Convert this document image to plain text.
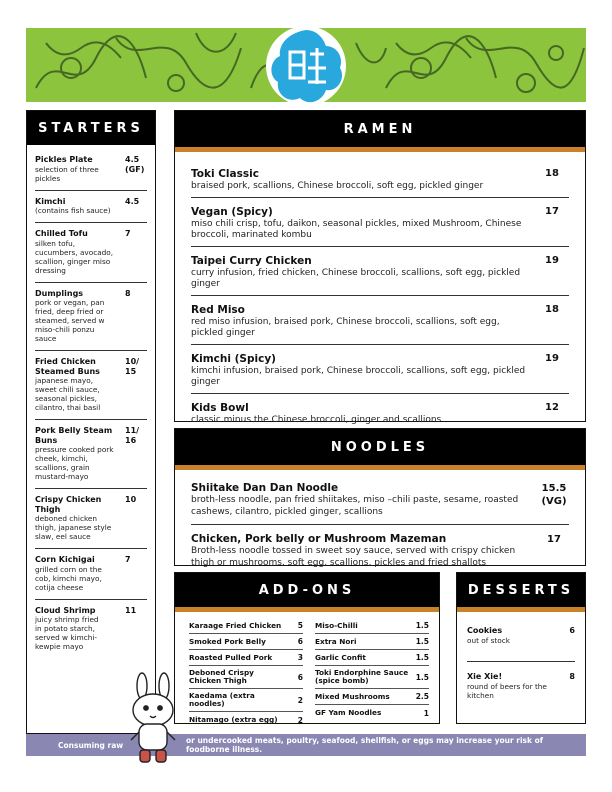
STARTERS
Pickles Plate
selection of three pickles
4.5 (GF)
Kimchi
(contains fish sauce)
4.5
Chilled Tofu
silken tofu, cucumbers, avocado, scallion, ginger miso dressing
7
Dumplings
pork or vegan, pan fried, deep fried or steamed, served w miso-chili ponzu sauce
8
Fried Chicken Steamed Buns
japanese mayo, sweet chili sauce, seasonal pickles, cilantro, thai basil
10/ 15
Pork Belly Steam Buns
pressure cooked pork cheek, kimchi, scallions, grain mustard-mayo
11/ 16
Crispy Chicken Thigh
deboned chicken thigh, japanese style slaw, eel sauce
10
Corn Kichigai
grilled corn on the cob, kimchi mayo, cotija cheese
7
Cloud Shrimp
juicy shrimp fried in potato starch, served w kimchi-kewpie mayo
11
RAMEN
Toki Classic
braised pork, scallions, Chinese broccoli, soft egg, pickled ginger
18
Vegan (Spicy)
miso chili crisp, tofu, daikon, seasonal pickles, mixed Mushroom, Chinese broccoli, marinated kombu
17
Taipei Curry Chicken
curry infusion, fried chicken, Chinese broccoli, scallions, soft egg, pickled ginger
19
Red Miso
red miso infusion, braised pork, Chinese broccoli, scallions, soft egg, pickled ginger
18
Kimchi (Spicy)
kimchi infusion, braised pork, Chinese broccoli, scallions, soft egg, pickled ginger
19
Kids Bowl
classic minus the Chinese broccoli, ginger and scallions
12
NOODLES
Shiitake Dan Dan Noodle
broth-less noodle, pan fried shiitakes, miso –chili paste, sesame, roasted cashews, cilantro, pickled ginger, scallions
15.5 (VG)
Chicken, Pork belly or Mushroom Mazeman
Broth-less noodle tossed in sweet soy sauce, served with crispy chicken thigh or mushrooms, soft egg, scallions, pickles and fried shallots
17
ADD-ONS
Karaage Fried Chicken	5
Smoked Pork Belly	6
Roasted Pulled Pork	3
Deboned Crispy Chicken Thigh	6
Kaedama (extra noodles)	2
Nitamago (extra egg)	2
Miso-Chilli	1.5
Extra Nori	1.5
Garlic Confit	1.5
Toki Endorphine Sauce (spice bomb)	1.5
Mixed Mushrooms	2.5
GF Yam Noodles	1
DESSERTS
Cookies
out of stock
6
Xie Xie!
round of beers for the kitchen
8
Consuming raw	or undercooked meats, poultry, seafood, shellfish, or eggs may increase your risk of foodborne illness.
